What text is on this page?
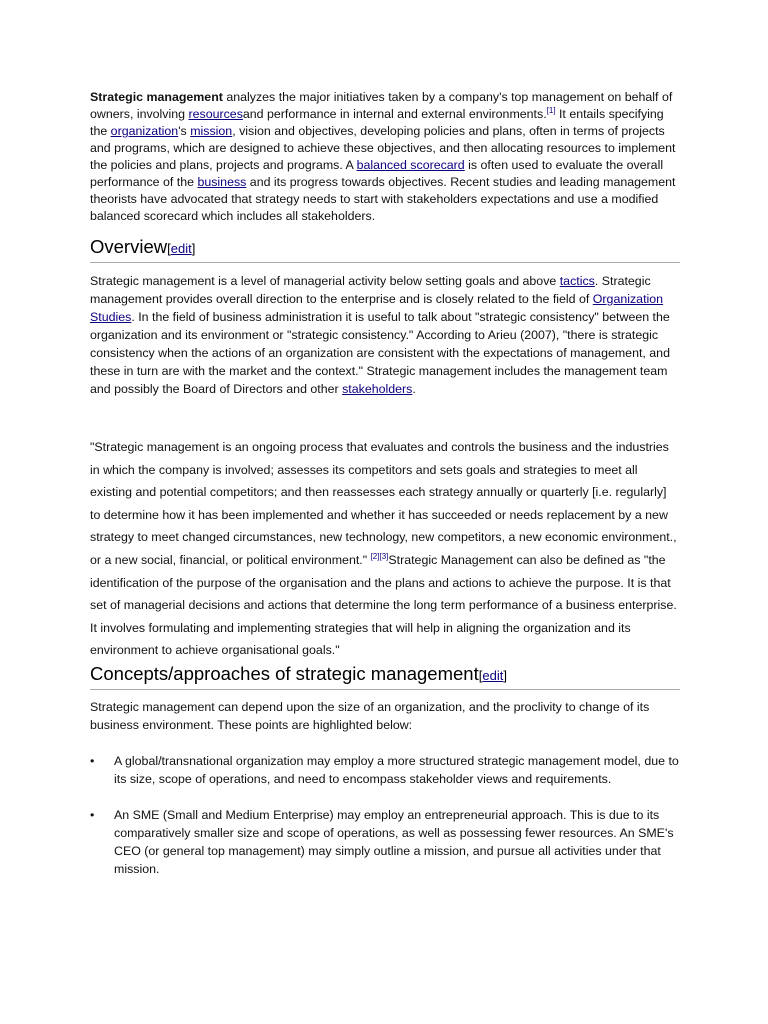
Strategic management analyzes the major initiatives taken by a company's top management on behalf of owners, involving resourcesand performance in internal and external environments.[1] It entails specifying the organization's mission, vision and objectives, developing policies and plans, often in terms of projects and programs, which are designed to achieve these objectives, and then allocating resources to implement the policies and plans, projects and programs. A balanced scorecard is often used to evaluate the overall performance of the business and its progress towards objectives. Recent studies and leading management theorists have advocated that strategy needs to start with stakeholders expectations and use a modified balanced scorecard which includes all stakeholders.

Overview[edit]

Strategic management is a level of managerial activity below setting goals and above tactics. Strategic management provides overall direction to the enterprise and is closely related to the field of Organization Studies. In the field of business administration it is useful to talk about "strategic consistency" between the organization and its environment or "strategic consistency." According to Arieu (2007), "there is strategic consistency when the actions of an organization are consistent with the expectations of management, and these in turn are with the market and the context." Strategic management includes the management team and possibly the Board of Directors and other stakeholders.

"Strategic management is an ongoing process that evaluates and controls the business and the industries in which the company is involved; assesses its competitors and sets goals and strategies to meet all existing and potential competitors; and then reassesses each strategy annually or quarterly [i.e. regularly] to determine how it has been implemented and whether it has succeeded or needs replacement by a new strategy to meet changed circumstances, new technology, new competitors, a new economic environment., or a new social, financial, or political environment." [2][3]Strategic Management can also be defined as "the identification of the purpose of the organisation and the plans and actions to achieve the purpose. It is that set of managerial decisions and actions that determine the long term performance of a business enterprise. It involves formulating and implementing strategies that will help in aligning the organization and its environment to achieve organisational goals."

Concepts/approaches of strategic management[edit]

Strategic management can depend upon the size of an organization, and the proclivity to change of its business environment. These points are highlighted below:

• A global/transnational organization may employ a more structured strategic management model, due to its size, scope of operations, and need to encompass stakeholder views and requirements.
• An SME (Small and Medium Enterprise) may employ an entrepreneurial approach. This is due to its comparatively smaller size and scope of operations, as well as possessing fewer resources. An SME's CEO (or general top management) may simply outline a mission, and pursue all activities under that mission.
